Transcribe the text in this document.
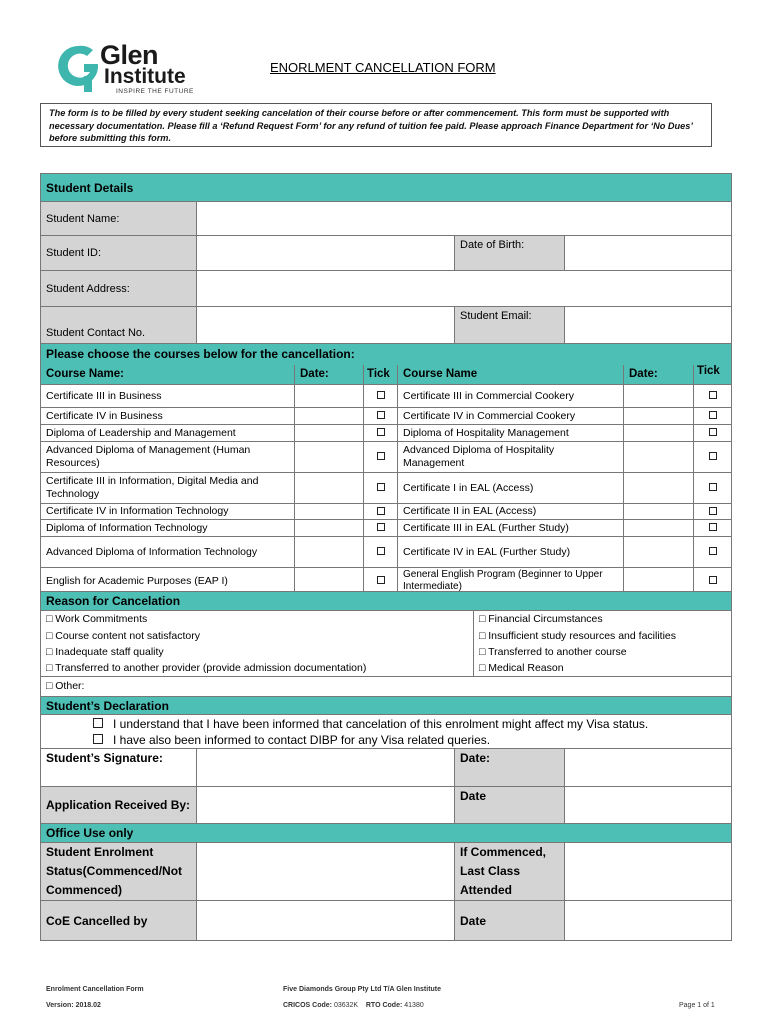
Glen
Institute
INSPIRE THE FUTURE
ENORLMENT CANCELLATION FORM
The form is to be filled by every student seeking cancelation of their course before or after commencement. This form must be supported with necessary documentation. Please fill a ‘Refund Request Form’ for any refund of tuition fee paid. Please approach Finance Department for ‘No Dues’ before submitting this form.
Student Details			
Student Name:			
Student ID:		Date of Birth:	
Student Address:			
Student Contact No.		Student Email:	
Please choose the courses below for the cancellation:					
Course Name:	Date:	Tick	Course Name	Date:	Tick
Certificate III in Business			Certificate III in Commercial Cookery		
Certificate IV in Business			Certificate IV in Commercial Cookery		
Diploma of Leadership and Management			Diploma of Hospitality Management		
Advanced Diploma of Management (Human Resources)			Advanced Diploma of Hospitality Management		
Certificate III in Information, Digital Media and Technology			Certificate I in EAL (Access)		
Certificate IV in Information Technology			Certificate II in EAL (Access)		
Diploma of Information Technology			Certificate III in EAL (Further Study)		
Advanced Diploma of Information Technology			Certificate IV in EAL (Further Study)		
English for Academic Purposes (EAP I)			General English Program (Beginner to Upper Intermediate)		
Reason for Cancelation	
□ Work Commitments	□ Financial Circumstances
□ Course content not satisfactory	□ Insufficient study resources and facilities
□ Inadequate staff quality	□ Transferred to another course
□ Transferred to another provider (provide admission documentation)	□ Medical Reason
□ Other:	
Student’s Declaration			

I understand that I have been informed that cancelation of this enrolment might affect my Visa status.
I have also been informed to contact DIBP for any Visa related queries.			

Student’s Signature:		Date:	
Application Received By:		Date	
Office Use only			
Student Enrolment Status(Commenced/Not Commenced)		If Commenced, Last Class Attended	
CoE Cancelled by		Date	
Enrolment Cancellation Form
Version: 2018.02
Five Diamonds Group Pty Ltd T/A Glen Institute
CRICOS Code: 03632K RTO Code: 41380	Page 1 of 1
